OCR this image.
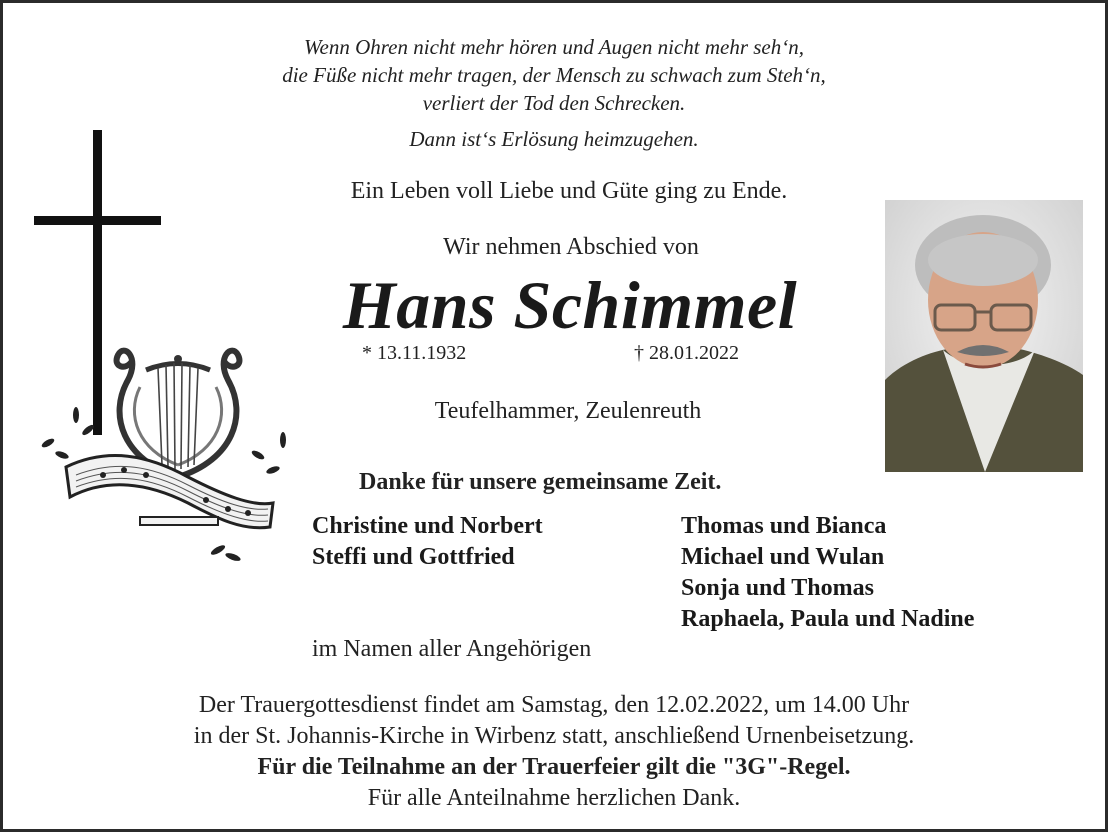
Wenn Ohren nicht mehr hören und Augen nicht mehr seh‘n,
die Füße nicht mehr tragen, der Mensch zu schwach zum Steh‘n,
verliert der Tod den Schrecken.
Dann ist‘s Erlösung heimzugehen.
Ein Leben voll Liebe und Güte ging zu Ende.
Wir nehmen Abschied von
Hans Schimmel
* 13.11.1932	† 28.01.2022
Teufelhammer, Zeulenreuth
Danke für unsere gemeinsame Zeit.
Christine und Norbert
Steffi und Gottfried
Thomas und Bianca
Michael und Wulan
Sonja und Thomas
Raphaela, Paula und Nadine
im Namen aller Angehörigen
Der Trauergottesdienst findet am Samstag, den 12.02.2022, um 14.00 Uhr
in der St. Johannis-Kirche in Wirbenz statt, anschließend Urnenbeisetzung.
Für die Teilnahme an der Trauerfeier gilt die "3G"-Regel.
Für alle Anteilnahme herzlichen Dank.
